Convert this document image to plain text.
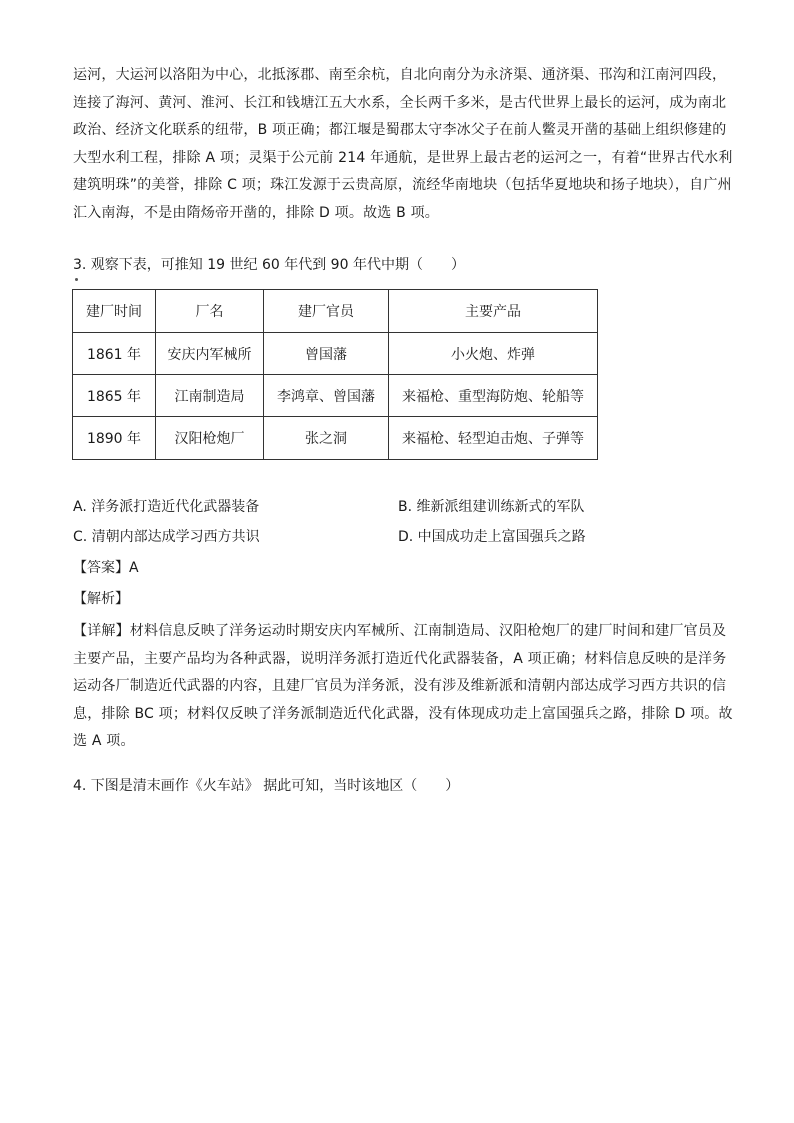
运河，大运河以洛阳为中心，北抵涿郡、南至余杭，自北向南分为永济渠、通济渠、邗沟和江南河四段，
连接了海河、黄河、淮河、长江和钱塘江五大水系，全长两千多米，是古代世界上最长的运河，成为南北
政治、经济文化联系的纽带，B 项正确；都江堰是蜀郡太守李冰父子在前人鳖灵开凿的基础上组织修建的
大型水利工程，排除 A 项；灵渠于公元前 214 年通航，是世界上最古老的运河之一，有着“世界古代水利
建筑明珠”的美誉，排除 C 项；珠江发源于云贵高原，流经华南地块（包括华夏地块和扬子地块），自广州
汇入南海，不是由隋炀帝开凿的，排除 D 项。故选 B 项。
3. 观察下表，可推知 19 世纪 60 年代到 90 年代中期（　　）
建厂时间	厂名	建厂官员	主要产品
1861 年	安庆内军械所	曾国藩	小火炮、炸弹
1865 年	江南制造局	李鸿章、曾国藩	来福枪、重型海防炮、轮船等
1890 年	汉阳枪炮厂	张之洞	来福枪、轻型迫击炮、子弹等
A. 洋务派打造近代化武器装备	B. 维新派组建训练新式的军队
C. 清朝内部达成学习西方共识	D. 中国成功走上富国强兵之路
【答案】A
【解析】
【详解】材料信息反映了洋务运动时期安庆内军械所、江南制造局、汉阳枪炮厂的建厂时间和建厂官员及
主要产品，主要产品均为各种武器，说明洋务派打造近代化武器装备，A 项正确；材料信息反映的是洋务
运动各厂制造近代武器的内容，且建厂官员为洋务派，没有涉及维新派和清朝内部达成学习西方共识的信
息，排除 BC 项；材料仅反映了洋务派制造近代化武器，没有体现成功走上富国强兵之路，排除 D 项。故
选 A 项。
4. 下图是清末画作《火车站》 据此可知，当时该地区（　　）
